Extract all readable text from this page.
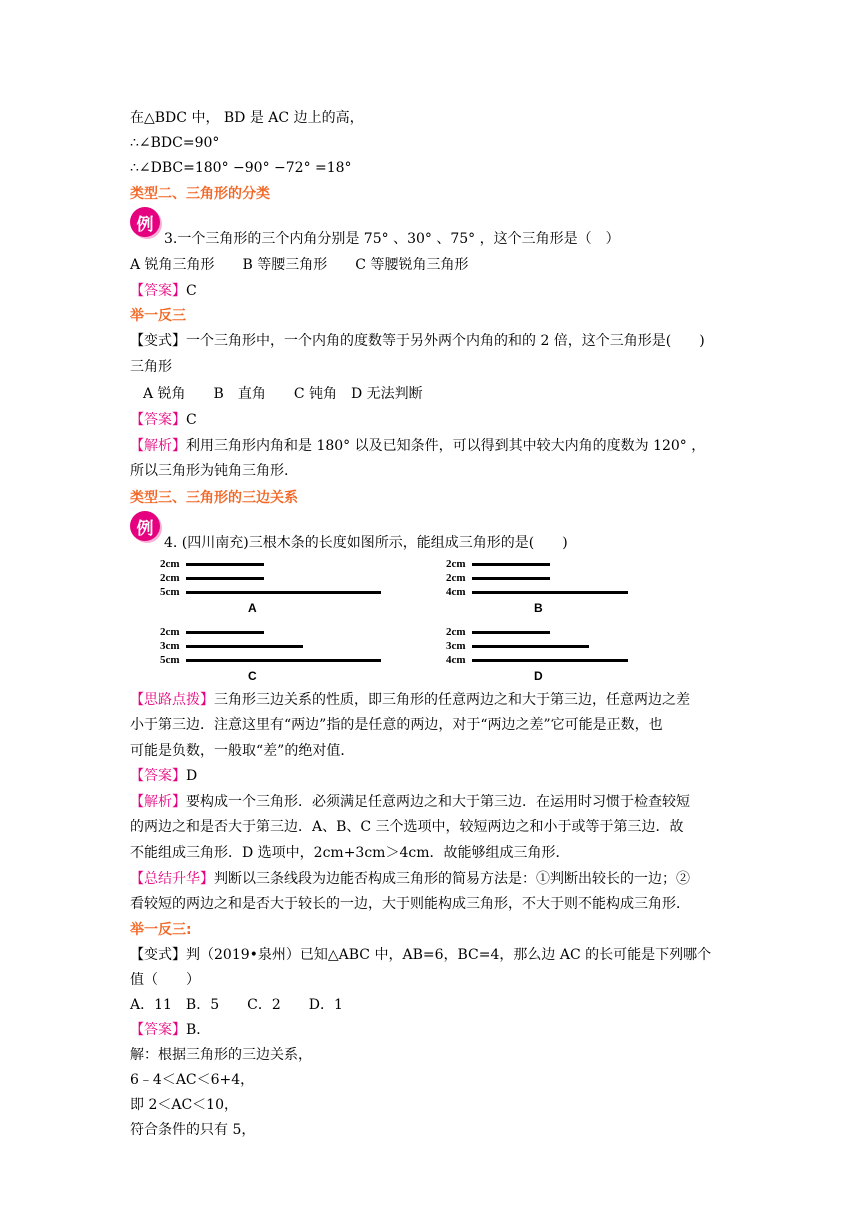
在△BDC 中， BD 是 AC 边上的高，
∴∠BDC=90°
∴∠DBC=180° −90° −72° =18°
类型二、三角形的分类
例
3.一个三角形的三个内角分别是 75° 、30° 、75° ，这个三角形是（　）
A 锐角三角形　　B 等腰三角形　　C 等腰锐角三角形
【答案】C
举一反三
【变式】一个三角形中，一个内角的度数等于另外两个内角的和的 2 倍，这个三角形是(　　)
三角形
A 锐角　　B　直角　　C 钝角　D 无法判断
【答案】C
【解析】利用三角形内角和是 180° 以及已知条件，可以得到其中较大内角的度数为 120° ，
所以三角形为钝角三角形.
类型三、三角形的三边关系
例
4. (四川南充)三根木条的长度如图所示，能组成三角形的是(　　)
2cm
2cm
5cm
A
2cm
2cm
4cm
B
2cm
3cm
5cm
C
2cm
3cm
4cm
D
【思路点拨】三角形三边关系的性质，即三角形的任意两边之和大于第三边，任意两边之差
小于第三边．注意这里有“两边”指的是任意的两边，对于“两边之差”它可能是正数，也
可能是负数，一般取“差”的绝对值．
【答案】D
【解析】要构成一个三角形．必须满足任意两边之和大于第三边．在运用时习惯于检查较短
的两边之和是否大于第三边．A、B、C 三个选项中，较短两边之和小于或等于第三边．故
不能组成三角形．D 选项中，2cm+3cm＞4cm．故能够组成三角形．
【总结升华】判断以三条线段为边能否构成三角形的简易方法是：①判断出较长的一边；②
看较短的两边之和是否大于较长的一边，大于则能构成三角形，不大于则不能构成三角形．
举一反三:
【变式】判（2019•泉州）已知△ABC 中，AB=6，BC=4，那么边 AC 的长可能是下列哪个
值（　　）
A．11　B．5　　C．2　　D．1
【答案】B．
解：根据三角形的三边关系，
6﹣4＜AC＜6+4，
即 2＜AC＜10，
符合条件的只有 5，
